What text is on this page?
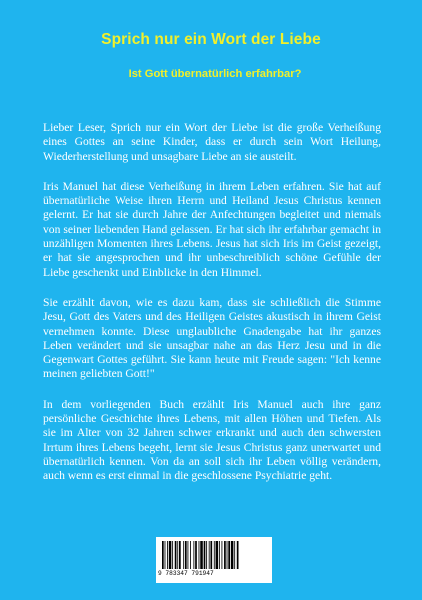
Sprich nur ein Wort der Liebe
Ist Gott übernatürlich erfahrbar?

Lieber Leser, Sprich nur ein Wort der Liebe ist die große Verheißung eines Gottes an seine Kinder, dass er durch sein Wort Heilung, Wiederherstellung und unsagbare Liebe an sie austeilt.

Iris Manuel hat diese Verheißung in ihrem Leben erfahren. Sie hat auf übernatürliche Weise ihren Herrn und Heiland Jesus Christus kennen gelernt. Er hat sie durch Jahre der Anfechtungen begleitet und niemals von seiner liebenden Hand gelassen. Er hat sich ihr erfahrbar gemacht in unzähligen Momenten ihres Lebens. Jesus hat sich Iris im Geist gezeigt, er hat sie angesprochen und ihr unbeschreiblich schöne Gefühle der Liebe geschenkt und Einblicke in den Himmel.

Sie erzählt davon, wie es dazu kam, dass sie schließlich die Stimme Jesu, Gott des Vaters und des Heiligen Geistes akustisch in ihrem Geist vernehmen konnte. Diese unglaubliche Gnadengabe hat ihr ganzes Leben verändert und sie unsagbar nahe an das Herz Jesu und in die Gegenwart Gottes geführt. Sie kann heute mit Freude sagen: "Ich kenne meinen geliebten Gott!"

In dem vorliegenden Buch erzählt Iris Manuel auch ihre ganz persönliche Geschichte ihres Lebens, mit allen Höhen und Tiefen. Als sie im Alter von 32 Jahren schwer erkrankt und auch den schwersten Irrtum ihres Lebens begeht, lernt sie Jesus Christus ganz unerwartet und übernatürlich kennen. Von da an soll sich ihr Leben völlig verändern, auch wenn es erst einmal in die geschlossene Psychiatrie geht.

9 783347 791947
